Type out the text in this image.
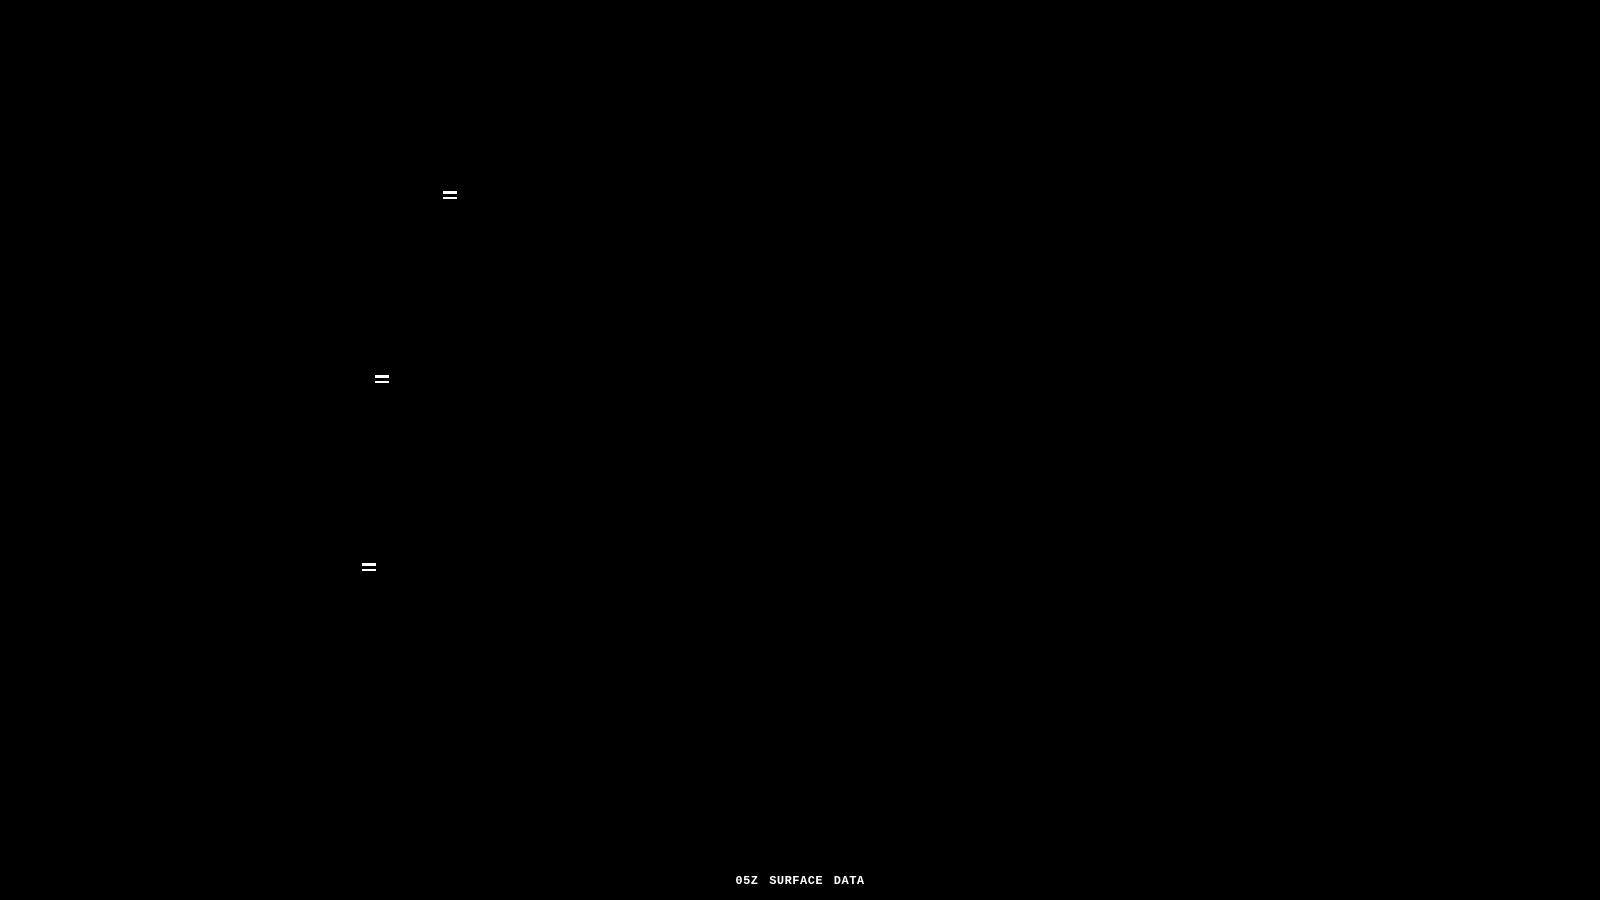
05Z SURFACE DATA
